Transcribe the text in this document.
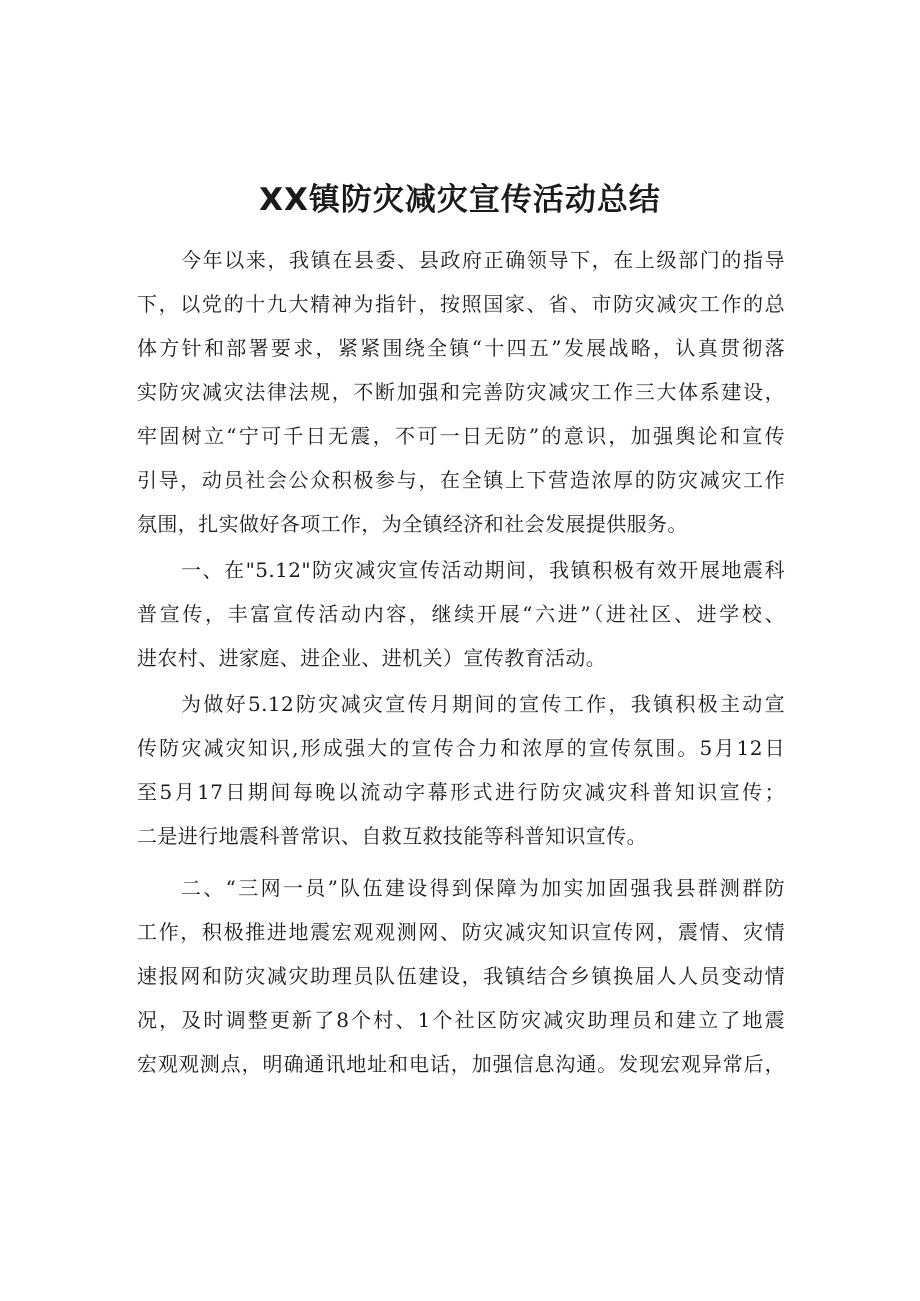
XX镇防灾减灾宣传活动总结
今年以来，我镇在县委、县政府正确领导下，在上级部门的指导
下，以党的十九大精神为指针，按照国家、省、市防灾减灾工作的总
体方针和部署要求，紧紧围绕全镇“十四五”发展战略，认真贯彻落
实防灾减灾法律法规，不断加强和完善防灾减灾工作三大体系建设，
牢固树立“宁可千日无震，不可一日无防”的意识，加强舆论和宣传
引导，动员社会公众积极参与，在全镇上下营造浓厚的防灾减灾工作
氛围，扎实做好各项工作，为全镇经济和社会发展提供服务。
一、在"5.12"防灾减灾宣传活动期间，我镇积极有效开展地震科
普宣传，丰富宣传活动内容，继续开展“六进”（进社区、进学校、
进农村、进家庭、进企业、进机关）宣传教育活动。
为做好5.12防灾减灾宣传月期间的宣传工作，我镇积极主动宣
传防灾减灾知识,形成强大的宣传合力和浓厚的宣传氛围。5月12日
至5月17日期间每晚以流动字幕形式进行防灾减灾科普知识宣传；
二是进行地震科普常识、自救互救技能等科普知识宣传。
二、“三网一员”队伍建设得到保障为加实加固强我县群测群防
工作，积极推进地震宏观观测网、防灾减灾知识宣传网，震情、灾情
速报网和防灾减灾助理员队伍建设，我镇结合乡镇换届人人员变动情
况，及时调整更新了8个村、1个社区防灾减灾助理员和建立了地震
宏观观测点，明确通讯地址和电话，加强信息沟通。发现宏观异常后，
